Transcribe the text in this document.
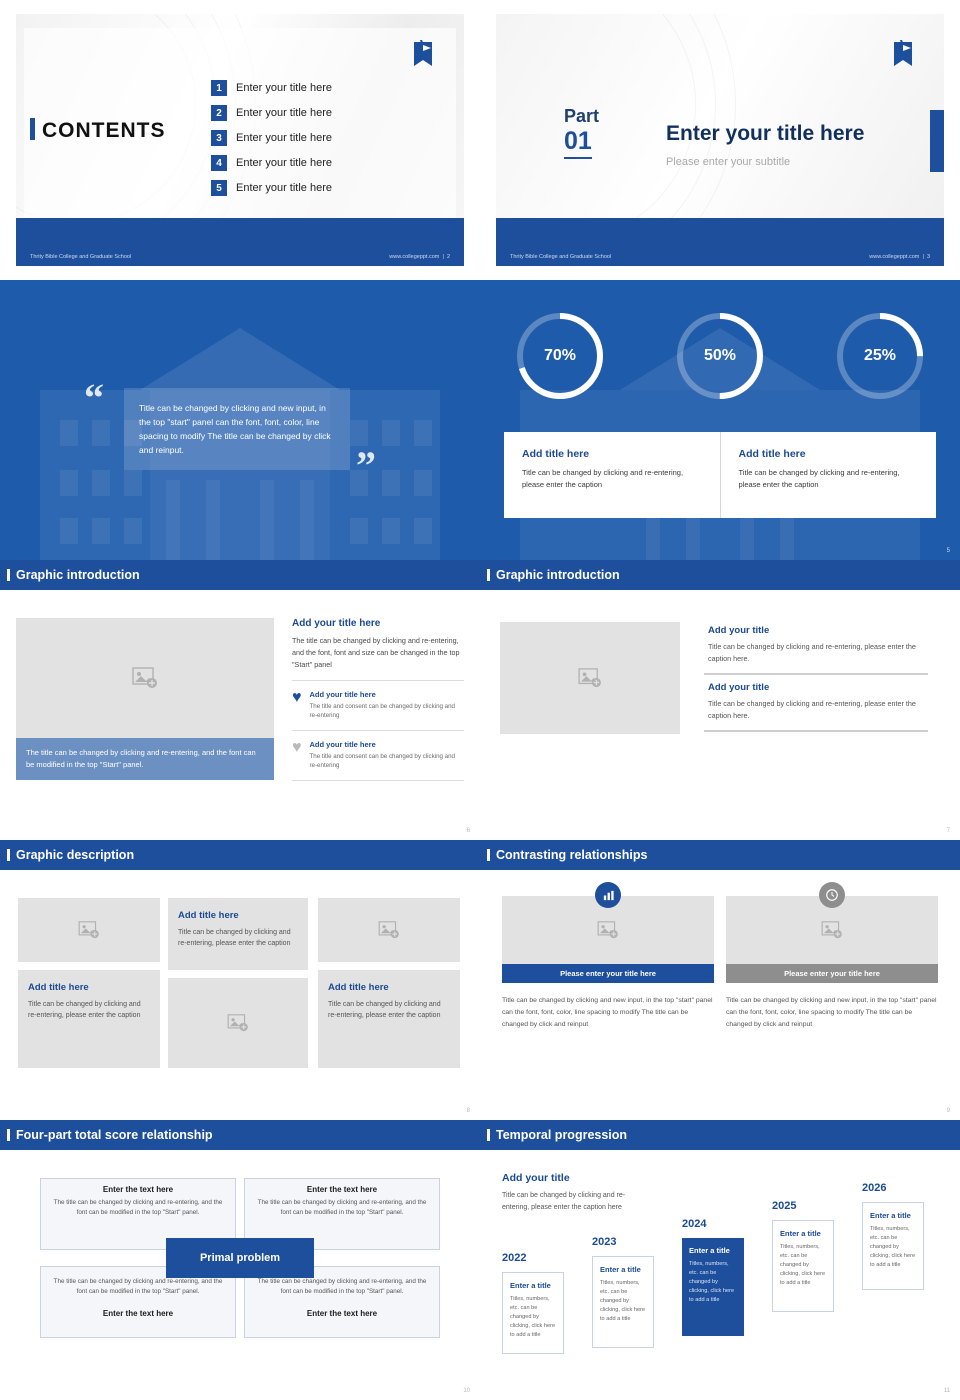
CONTENTS
1	Enter your title here
2	Enter your title here
3	Enter your title here
4	Enter your title here
5	Enter your title here
Thrity Bible College and Graduate School	www.collegeppt.com  |  2
Part
01	Enter your title here
Please enter your subtitle
Thrity Bible College and Graduate School	www.collegeppt.com  |  3
“	Title can be changed by clicking and new input, in the top "start" panel can the font, font, color, line spacing to modify The title can be changed by click and reinput.	”
70%	50%	25%
Add title here

Title can be changed by clicking and re-entering, please enter the caption

Add title here

Title can be changed by clicking and re-entering, please enter the caption

5
Graphic introduction
The title can be changed by clicking and re-entering, and the font can be modified in the top "Start" panel.
Add your title here

The title can be changed by clicking and re-entering, and the font, font and size can be changed in the top "Start" panel

♥ Add your title here

The title and consent can be changed by clicking and re-entering

♥ Add your title here

The title and consent can be changed by clicking and re-entering

6
Graphic introduction
Add your title

Title can be changed by clicking and re-entering, please enter the caption here.

Add your title

Title can be changed by clicking and re-entering, please enter the caption here.

7
Graphic description
Add title here

Title can be changed by clicking and re-entering, please enter the caption

Add title here

Title can be changed by clicking and re-entering, please enter the caption

Add title here

Title can be changed by clicking and re-entering, please enter the caption

8
Contrasting relationships
Please enter your title here

Title can be changed by clicking and new input, in the top "start" panel can the font, font, color, line spacing to modify The title can be changed by click and reinput

Please enter your title here

Title can be changed by clicking and new input, in the top "start" panel can the font, font, color, line spacing to modify The title can be changed by click and reinput

9
Four-part total score relationship
Enter the text here
The title can be changed by clicking and re-entering, and the font can be modified in the top "Start" panel.
Enter the text here
The title can be changed by clicking and re-entering, and the font can be modified in the top "Start" panel.
The title can be changed by clicking and re-entering, and the font can be modified in the top "Start" panel.
Enter the text here
The title can be changed by clicking and re-entering, and the font can be modified in the top "Start" panel.
Enter the text here
Primal problem
10
Temporal progression
Add your title

Title can be changed by clicking and re-entering, please enter the caption here

2022
Enter a title

Titles, numbers, etc. can be changed by clicking, click here to add a title

2023
Enter a title

Titles, numbers, etc. can be changed by clicking, click here to add a title

2024
Enter a title

Titles, numbers, etc. can be changed by clicking, click here to add a title

2025
Enter a title

Titles, numbers, etc. can be changed by clicking, click here to add a title

2026
Enter a title

Titles, numbers, etc. can be changed by clicking, click here to add a title

11
